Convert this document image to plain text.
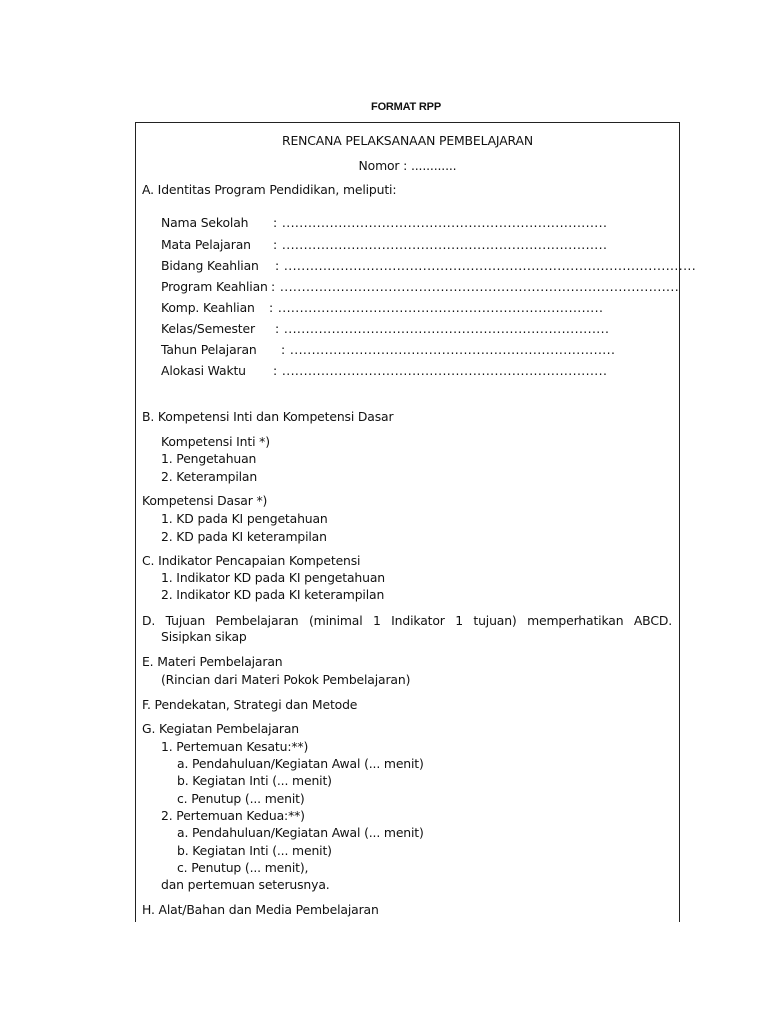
FORMAT RPP
RENCANA PELAKSANAAN PEMBELAJARAN
Nomor : ............
A. Identitas Program Pendidikan, meliputi:
Nama Sekolah : ...........................................................................
Mata Pelajaran : ...........................................................................
Bidang Keahlian : ...............................................................................................
Program Keahlian : ............................................................................................
Komp. Keahlian : ...........................................................................
Kelas/Semester : ...........................................................................
Tahun Pelajaran : ...........................................................................
Alokasi Waktu : ...........................................................................
B. Kompetensi Inti dan Kompetensi Dasar
Kompetensi Inti *)
1. Pengetahuan
2. Keterampilan
Kompetensi Dasar *)
1. KD pada KI pengetahuan
2. KD pada KI keterampilan
C. Indikator Pencapaian Kompetensi
1. Indikator KD pada KI pengetahuan
2. Indikator KD pada KI keterampilan
D. Tujuan Pembelajaran (minimal 1 Indikator 1 tujuan) memperhatikan ABCD.
Sisipkan sikap
E. Materi Pembelajaran
(Rincian dari Materi Pokok Pembelajaran)
F. Pendekatan, Strategi dan Metode
G. Kegiatan Pembelajaran
1. Pertemuan Kesatu:**)
a. Pendahuluan/Kegiatan Awal (... menit)
b. Kegiatan Inti (... menit)
c. Penutup (... menit)
2. Pertemuan Kedua:**)
a. Pendahuluan/Kegiatan Awal (... menit)
b. Kegiatan Inti (... menit)
c. Penutup (... menit),
dan pertemuan seterusnya.
H. Alat/Bahan dan Media Pembelajaran
